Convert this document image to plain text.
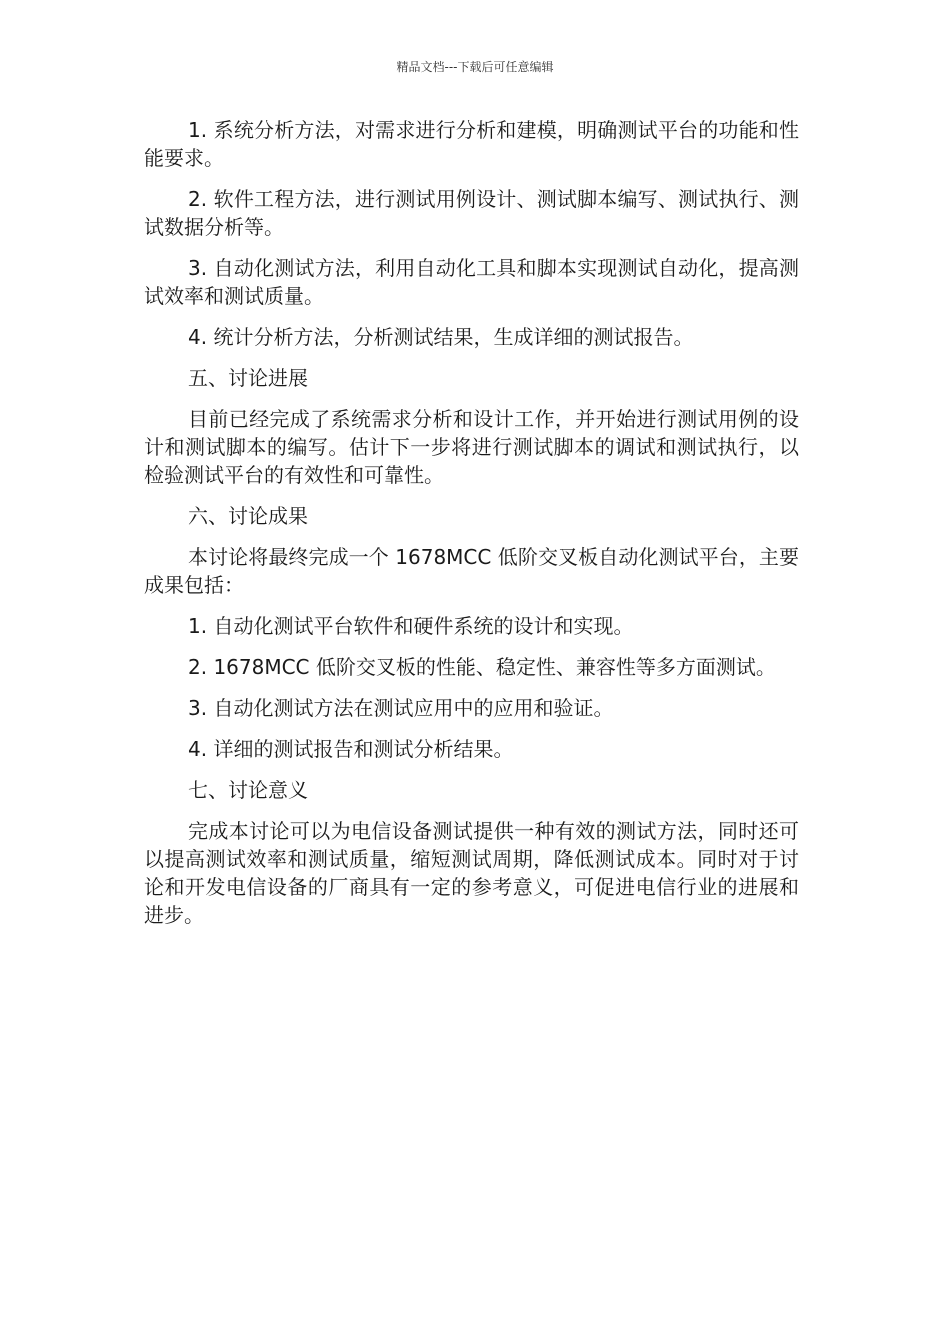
精品文档---下载后可任意编辑

1. 系统分析方法，对需求进行分析和建模，明确测试平台的功能和性能要求。

2. 软件工程方法，进行测试用例设计、测试脚本编写、测试执行、测试数据分析等。

3. 自动化测试方法，利用自动化工具和脚本实现测试自动化，提高测试效率和测试质量。

4. 统计分析方法，分析测试结果，生成详细的测试报告。

五、讨论进展

目前已经完成了系统需求分析和设计工作，并开始进行测试用例的设计和测试脚本的编写。估计下一步将进行测试脚本的调试和测试执行，以检验测试平台的有效性和可靠性。

六、讨论成果

本讨论将最终完成一个 1678MCC 低阶交叉板自动化测试平台，主要成果包括：

1. 自动化测试平台软件和硬件系统的设计和实现。

2. 1678MCC 低阶交叉板的性能、稳定性、兼容性等多方面测试。

3. 自动化测试方法在测试应用中的应用和验证。

4. 详细的测试报告和测试分析结果。

七、讨论意义

完成本讨论可以为电信设备测试提供一种有效的测试方法，同时还可以提高测试效率和测试质量，缩短测试周期，降低测试成本。同时对于讨论和开发电信设备的厂商具有一定的参考意义，可促进电信行业的进展和进步。
